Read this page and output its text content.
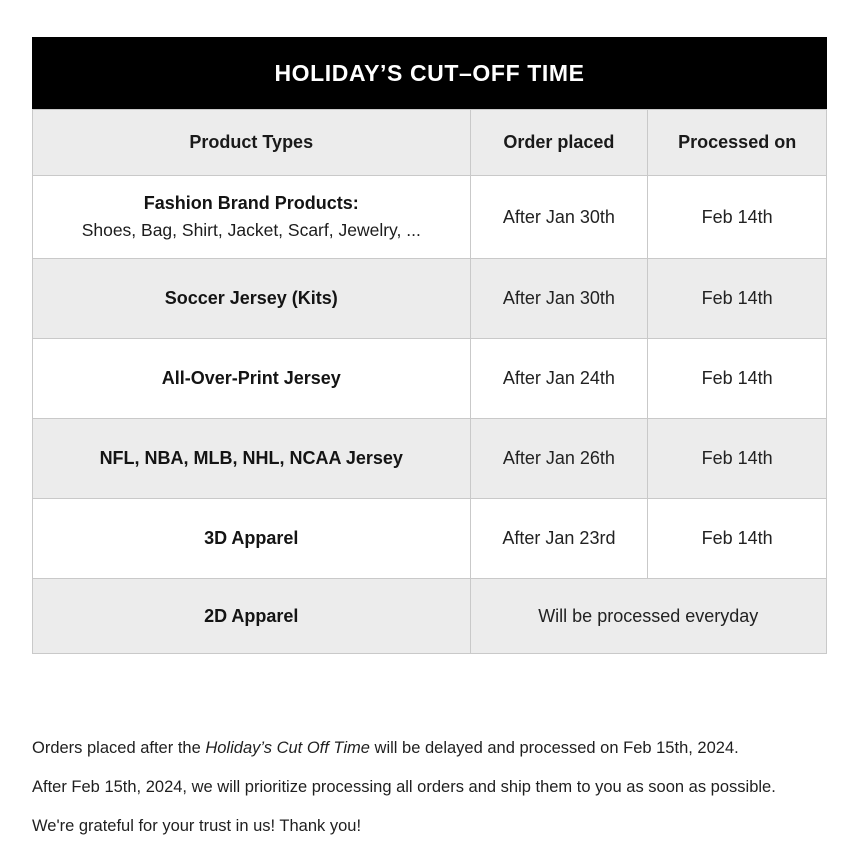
HOLIDAY’S CUT–OFF TIME
Product Types	Order placed	Processed on

Fashion Brand Products:
Shoes, Bag, Shirt, Jacket, Scarf, Jewelry, ...	After Jan 30th	Feb 14th
Soccer Jersey (Kits)	After Jan 30th	Feb 14th
All-Over-Print Jersey	After Jan 24th	Feb 14th
NFL, NBA, MLB, NHL, NCAA Jersey	After Jan 26th	Feb 14th
3D Apparel	After Jan 23rd	Feb 14th
2D Apparel	Will be processed everyday	

Orders placed after the Holiday’s Cut Off Time will be delayed and processed on Feb 15th, 2024.

After Feb 15th, 2024, we will prioritize processing all orders and ship them to you as soon as possible.

We're grateful for your trust in us! Thank you!
